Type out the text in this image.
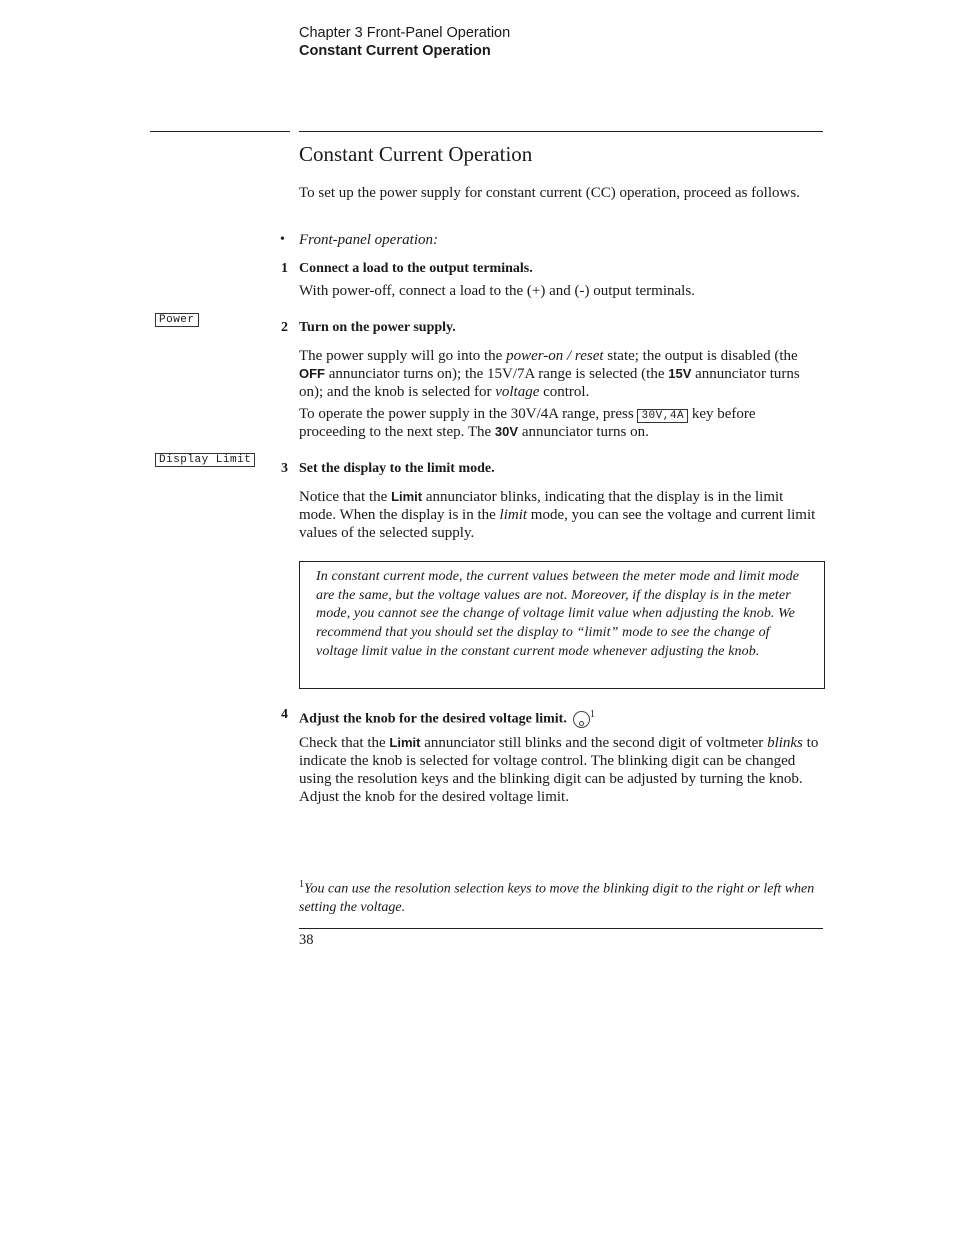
Chapter 3 Front-Panel Operation
Constant Current Operation
Constant Current Operation
To set up the power supply for constant current (CC) operation, proceed as follows.
• Front-panel operation:
1 Connect a load to the output terminals.
With power-off, connect a load to the (+) and (-) output terminals.
Power	2 Turn on the power supply.
The power supply will go into the power-on / reset state; the output is disabled (the OFF annunciator turns on); the 15V/7A range is selected (the 15V annunciator turns on); and the knob is selected for voltage control.
To operate the power supply in the 30V/4A range, press 30V,4A key before proceeding to the next step. The 30V annunciator turns on.
Display Limit
3 Set the display to the limit mode.
Notice that the Limit annunciator blinks, indicating that the display is in the limit mode. When the display is in the limit mode, you can see the voltage and current limit values of the selected supply.
In constant current mode, the current values between the meter mode and limit mode are the same, but the voltage values are not. Moreover, if the display is in the meter mode, you cannot see the change of voltage limit value when adjusting the knob. We recommend that you should set the display to “limit” mode to see the change of voltage limit value in the constant current mode whenever adjusting the knob.
4 Adjust the knob for the desired voltage limit. $^1$
Check that the Limit annunciator still blinks and the second digit of voltmeter blinks to indicate the knob is selected for voltage control. The blinking digit can be changed using the resolution keys and the blinking digit can be adjusted by turning the knob. Adjust the knob for the desired voltage limit.
$^1$You can use the resolution selection keys to move the blinking digit to the right or left when setting the voltage.
38
